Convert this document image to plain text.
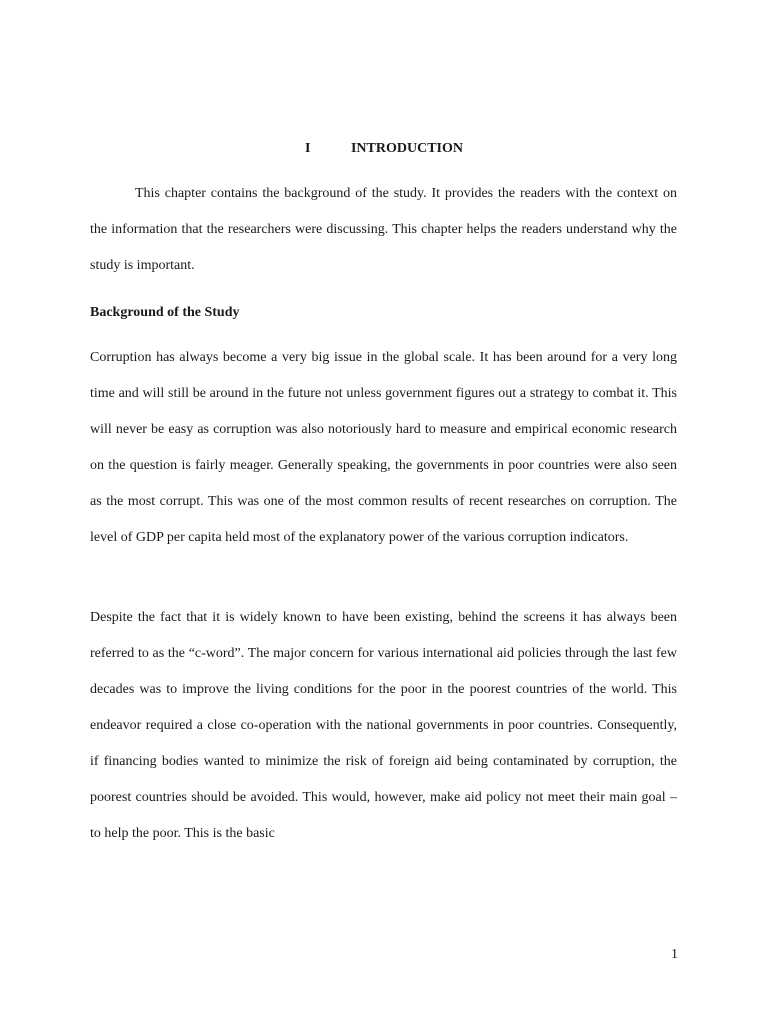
I	INTRODUCTION

This chapter contains the background of the study. It provides the readers with the context on the information that the researchers were discussing. This chapter helps the readers understand why the study is important.

Background of the Study

Corruption has always become a very big issue in the global scale. It has been around for a very long time and will still be around in the future not unless government figures out a strategy to combat it. This will never be easy as corruption was also notoriously hard to measure and empirical economic research on the question is fairly meager. Generally speaking, the governments in poor countries were also seen as the most corrupt. This was one of the most common results of recent researches on corruption. The level of GDP per capita held most of the explanatory power of the various corruption indicators.

Despite the fact that it is widely known to have been existing, behind the screens it has always been referred to as the “c-word”. The major concern for various international aid policies through the last few decades was to improve the living conditions for the poor in the poorest countries of the world. This endeavor required a close co-operation with the national governments in poor countries. Consequently, if financing bodies wanted to minimize the risk of foreign aid being contaminated by corruption, the poorest countries should be avoided. This would, however, make aid policy not meet their main goal – to help the poor. This is the basic

1
